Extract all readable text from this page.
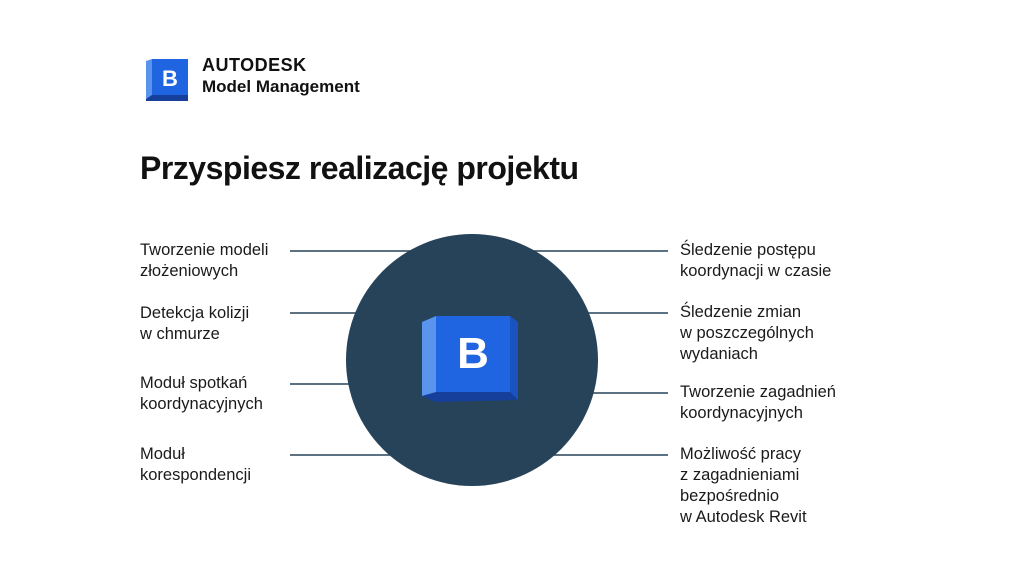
B
AUTODESK
Model Management
Przyspiesz realizację projektu
B
Tworzenie modeli
złożeniowych
Detekcja kolizji
w chmurze
Moduł spotkań
koordynacyjnych
Moduł
korespondencji
Śledzenie postępu
koordynacji w czasie
Śledzenie zmian
w poszczególnych
wydaniach
Tworzenie zagadnień
koordynacyjnych
Możliwość pracy
z zagadnieniami
bezpośrednio
w Autodesk Revit
